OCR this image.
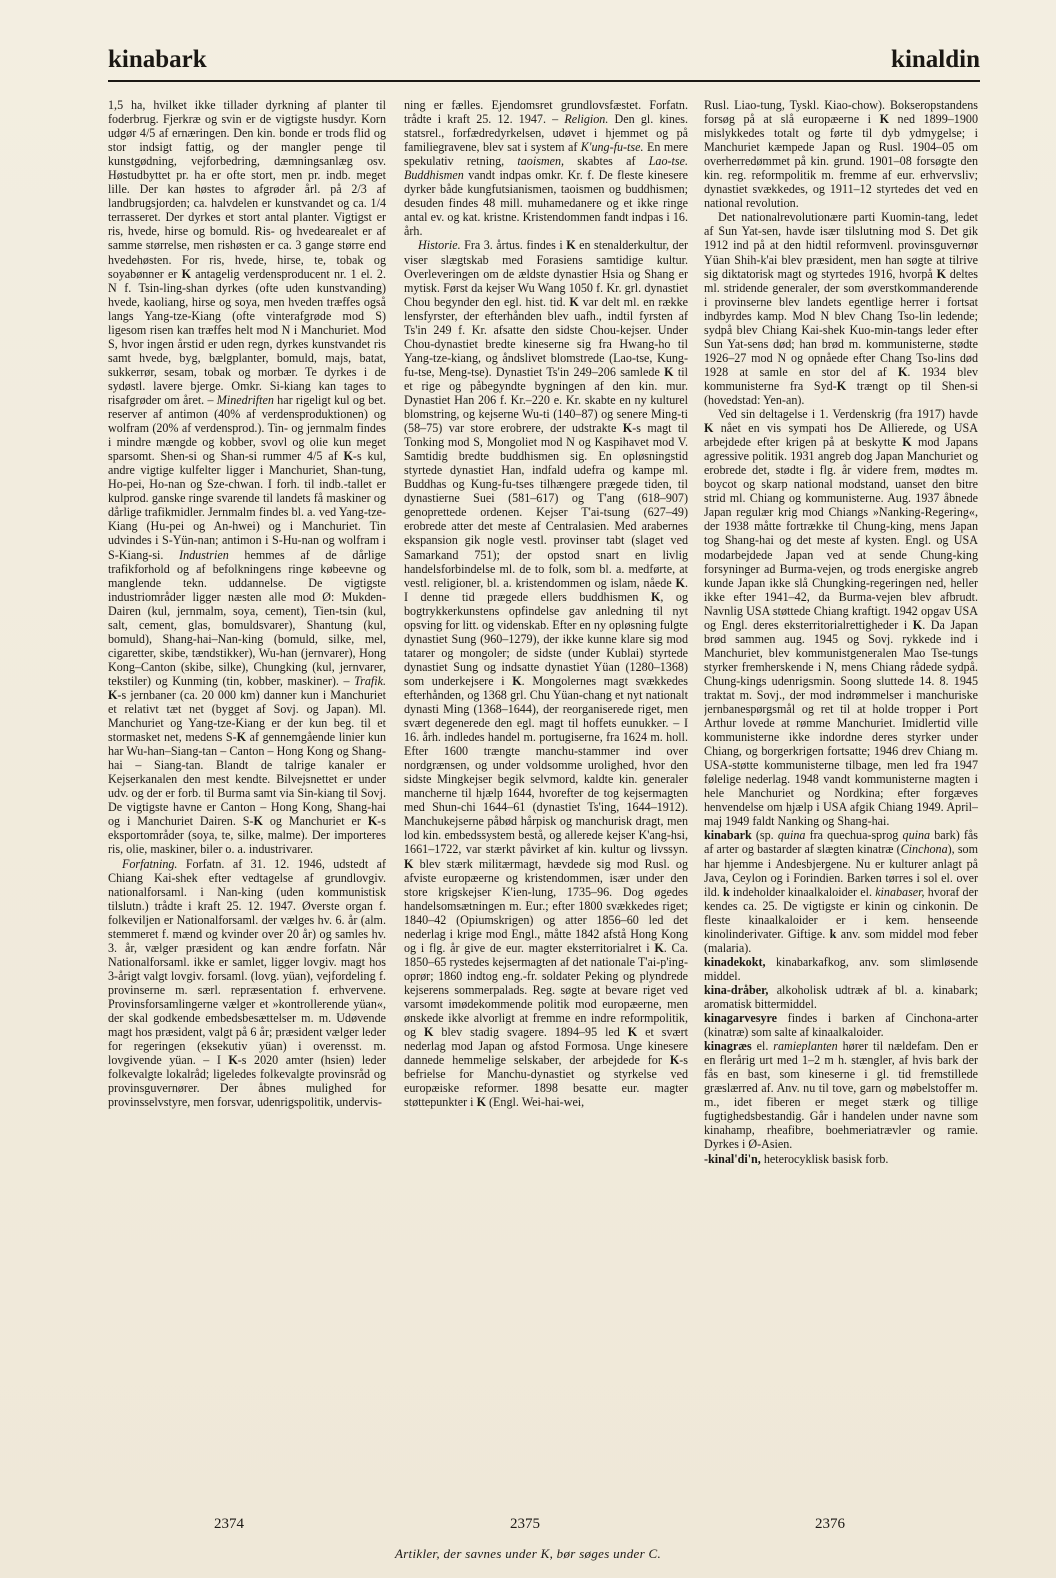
kinabark	kinaldin

1,5 ha, hvilket ikke tillader dyrkning af planter til foderbrug. Fjerkræ og svin er de vigtigste husdyr. Korn udgør 4/5 af ernæringen. Den kin. bonde er trods flid og stor indsigt fattig, og der mangler penge til kunstgødning, vejforbedring, dæmningsanlæg osv. Høstudbyttet pr. ha er ofte stort, men pr. indb. meget lille. Der kan høstes to afgrøder årl. på 2/3 af landbrugsjorden; ca. halvdelen er kunstvandet og ca. 1/4 terrasseret. Der dyrkes et stort antal planter. Vigtigst er ris, hvede, hirse og bomuld. Ris- og hvedearealet er af samme størrelse, men rishøsten er ca. 3 gange større end hvedehøsten. For ris, hvede, hirse, te, tobak og soyabønner er K antagelig verdensproducent nr. 1 el. 2. N f. Tsin-ling-shan dyrkes (ofte uden kunstvanding) hvede, kaoliang, hirse og soya, men hveden træffes også langs Yang-tze-Kiang (ofte vinterafgrøde mod S) ligesom risen kan træffes helt mod N i Manchuriet. Mod S, hvor ingen årstid er uden regn, dyrkes kunstvandet ris samt hvede, byg, bælgplanter, bomuld, majs, batat, sukkerrør, sesam, tobak og morbær. Te dyrkes i de sydøstl. lavere bjerge. Omkr. Si-kiang kan tages to risafgrøder om året. – Minedriften har rigeligt kul og bet. reserver af antimon (40% af verdensproduktionen) og wolfram (20% af verdensprod.). Tin- og jernmalm findes i mindre mængde og kobber, svovl og olie kun meget sparsomt. Shen-si og Shan-si rummer 4/5 af K-s kul, andre vigtige kulfelter ligger i Manchuriet, Shan-tung, Ho-pei, Ho-nan og Sze-chwan. I forh. til indb.-tallet er kulprod. ganske ringe svarende til landets få maskiner og dårlige trafikmidler. Jernmalm findes bl. a. ved Yang-tze-Kiang (Hu-pei og An-hwei) og i Manchuriet. Tin udvindes i S-Yün-nan; antimon i S-Hu-nan og wolfram i S-Kiang-si. Industrien hemmes af de dårlige trafikforhold og af befolkningens ringe købeevne og manglende tekn. uddannelse. De vigtigste industriområder ligger næsten alle mod Ø: Mukden-Dairen (kul, jernmalm, soya, cement), Tien-tsin (kul, salt, cement, glas, bomuldsvarer), Shantung (kul, bomuld), Shang-hai–Nan-king (bomuld, silke, mel, cigaretter, skibe, tændstikker), Wu-han (jernvarer), Hong Kong–Canton (skibe, silke), Chungking (kul, jernvarer, tekstiler) og Kunming (tin, kobber, maskiner). – Trafik. K-s jernbaner (ca. 20 000 km) danner kun i Manchuriet et relativt tæt net (bygget af Sovj. og Japan). Ml. Manchuriet og Yang-tze-Kiang er der kun beg. til et stormasket net, medens S-K af gennemgående linier kun har Wu-han–Siang-tan – Canton – Hong Kong og Shang-hai – Siang-tan. Blandt de talrige kanaler er Kejserkanalen den mest kendte. Bilvejsnettet er under udv. og der er forb. til Burma samt via Sin-kiang til Sovj. De vigtigste havne er Canton – Hong Kong, Shang-hai og i Manchuriet Dairen. S-K og Manchuriet er K-s eksportområder (soya, te, silke, malme). Der importeres ris, olie, maskiner, biler o. a. industrivarer.

Forfatning. Forfatn. af 31. 12. 1946, udstedt af Chiang Kai-shek efter vedtagelse af grundlovgiv. nationalforsaml. i Nan-king (uden kommunistisk tilslutn.) trådte i kraft 25. 12. 1947. Øverste organ f. folkeviljen er Nationalforsaml. der vælges hv. 6. år (alm. stemmeret f. mænd og kvinder over 20 år) og samles hv. 3. år, vælger præsident og kan ændre forfatn. Når Nationalforsaml. ikke er samlet, ligger lovgiv. magt hos 3-årigt valgt lovgiv. forsaml. (lovg. yüan), vejfordeling f. provinserne m. særl. repræsentation f. erhvervene. Provinsforsamlingerne vælger et »kontrollerende yüan«, der skal godkende embedsbesættelser m. m. Udøvende magt hos præsident, valgt på 6 år; præsident vælger leder for regeringen (eksekutiv yüan) i overensst. m. lovgivende yüan. – I K-s 2020 amter (hsien) leder folkevalgte lokalråd; ligeledes folkevalgte provinsråd og provinsguvernører. Der åbnes mulighed for provinsselvstyre, men forsvar, udenrigspolitik, undervis-

ning er fælles. Ejendomsret grundlovsfæstet. Forfatn. trådte i kraft 25. 12. 1947. – Religion. Den gl. kines. statsrel., forfædredyrkelsen, udøvet i hjemmet og på familiegravene, blev sat i system af K'ung-fu-tse. En mere spekulativ retning, taoismen, skabtes af Lao-tse. Buddhismen vandt indpas omkr. Kr. f. De fleste kinesere dyrker både kungfutsianismen, taoismen og buddhismen; desuden findes 48 mill. muhamedanere og et ikke ringe antal ev. og kat. kristne. Kristendommen fandt indpas i 16. årh.

Historie. Fra 3. årtus. findes i K en stenalderkultur, der viser slægtskab med Forasiens samtidige kultur. Overleveringen om de ældste dynastier Hsia og Shang er mytisk. Først da kejser Wu Wang 1050 f. Kr. grl. dynastiet Chou begynder den egl. hist. tid. K var delt ml. en række lensfyrster, der efterhånden blev uafh., indtil fyrsten af Ts'in 249 f. Kr. afsatte den sidste Chou-kejser. Under Chou-dynastiet bredte kineserne sig fra Hwang-ho til Yang-tze-kiang, og åndslivet blomstrede (Lao-tse, Kung-fu-tse, Meng-tse). Dynastiet Ts'in 249–206 samlede K til et rige og påbegyndte bygningen af den kin. mur. Dynastiet Han 206 f. Kr.–220 e. Kr. skabte en ny kulturel blomstring, og kejserne Wu-ti (140–87) og senere Ming-ti (58–75) var store erobrere, der udstrakte K-s magt til Tonking mod S, Mongoliet mod N og Kaspihavet mod V. Samtidig bredte buddhismen sig. En opløsningstid styrtede dynastiet Han, indfald udefra og kampe ml. Buddhas og Kung-fu-tses tilhængere prægede tiden, til dynastierne Suei (581–617) og T'ang (618–907) genoprettede ordenen. Kejser T'ai-tsung (627–49) erobrede atter det meste af Centralasien. Med arabernes ekspansion gik nogle vestl. provinser tabt (slaget ved Samarkand 751); der opstod snart en livlig handelsforbindelse ml. de to folk, som bl. a. medførte, at vestl. religioner, bl. a. kristendommen og islam, nåede K. I denne tid prægede ellers buddhismen K, og bogtrykkerkunstens opfindelse gav anledning til nyt opsving for litt. og videnskab. Efter en ny opløsning fulgte dynastiet Sung (960–1279), der ikke kunne klare sig mod tatarer og mongoler; de sidste (under Kublai) styrtede dynastiet Sung og indsatte dynastiet Yüan (1280–1368) som underkejsere i K. Mongolernes magt svækkedes efterhånden, og 1368 grl. Chu Yüan-chang et nyt nationalt dynasti Ming (1368–1644), der reorganiserede riget, men svært degenerede den egl. magt til hoffets eunukker. – I 16. årh. indledes handel m. portugiserne, fra 1624 m. holl. Efter 1600 trængte manchu-stammer ind over nordgrænsen, og under voldsomme urolighed, hvor den sidste Mingkejser begik selvmord, kaldte kin. generaler mancherne til hjælp 1644, hvorefter de tog kejsermagten med Shun-chi 1644–61 (dynastiet Ts'ing, 1644–1912). Manchukejserne påbød hårpisk og manchurisk dragt, men lod kin. embedssystem bestå, og allerede kejser K'ang-hsi, 1661–1722, var stærkt påvirket af kin. kultur og livssyn. K blev stærk militærmagt, hævdede sig mod Rusl. og afviste europæerne og kristendommen, især under den store krigskejser K'ien-lung, 1735–96. Dog øgedes handelsomsætningen m. Eur.; efter 1800 svækkedes riget; 1840–42 (Opiumskrigen) og atter 1856–60 led det nederlag i krige mod Engl., måtte 1842 afstå Hong Kong og i flg. år give de eur. magter eksterritorialret i K. Ca. 1850–65 rystedes kejsermagten af det nationale T'ai-p'ing-oprør; 1860 indtog eng.-fr. soldater Peking og plyndrede kejserens sommerpalads. Reg. søgte at bevare riget ved varsomt imødekommende politik mod europæerne, men ønskede ikke alvorligt at fremme en indre reformpolitik, og K blev stadig svagere. 1894–95 led K et svært nederlag mod Japan og afstod Formosa. Unge kinesere dannede hemmelige selskaber, der arbejdede for K-s befrielse for Manchu-dynastiet og styrkelse ved europæiske reformer. 1898 besatte eur. magter støttepunkter i K (Engl. Wei-hai-wei,

Rusl. Liao-tung, Tyskl. Kiao-chow). Bokseropstandens forsøg på at slå europæerne i K ned 1899–1900 mislykkedes totalt og førte til dyb ydmygelse; i Manchuriet kæmpede Japan og Rusl. 1904–05 om overherredømmet på kin. grund. 1901–08 forsøgte den kin. reg. reformpolitik m. fremme af eur. erhvervsliv; dynastiet svækkedes, og 1911–12 styrtedes det ved en national revolution.

Det nationalrevolutionære parti Kuomin-tang, ledet af Sun Yat-sen, havde især tilslutning mod S. Det gik 1912 ind på at den hidtil reformvenl. provinsguvernør Yüan Shih-k'ai blev præsident, men han søgte at tilrive sig diktatorisk magt og styrtedes 1916, hvorpå K deltes ml. stridende generaler, der som øverstkommanderende i provinserne blev landets egentlige herrer i fortsat indbyrdes kamp. Mod N blev Chang Tso-lin ledende; sydpå blev Chiang Kai-shek Kuo-min-tangs leder efter Sun Yat-sens død; han brød m. kommunisterne, stødte 1926–27 mod N og opnåede efter Chang Tso-lins død 1928 at samle en stor del af K. 1934 blev kommunisterne fra Syd-K trængt op til Shen-si (hovedstad: Yen-an).

Ved sin deltagelse i 1. Verdenskrig (fra 1917) havde K nået en vis sympati hos De Allierede, og USA arbejdede efter krigen på at beskytte K mod Japans agressive politik. 1931 angreb dog Japan Manchuriet og erobrede det, stødte i flg. år videre frem, mødtes m. boycot og skarp national modstand, uanset den bitre strid ml. Chiang og kommunisterne. Aug. 1937 åbnede Japan regulær krig mod Chiangs »Nanking-Regering«, der 1938 måtte fortrække til Chung-king, mens Japan tog Shang-hai og det meste af kysten. Engl. og USA modarbejdede Japan ved at sende Chung-king forsyninger ad Burma-vejen, og trods energiske angreb kunde Japan ikke slå Chungking-regeringen ned, heller ikke efter 1941–42, da Burma-vejen blev afbrudt. Navnlig USA støttede Chiang kraftigt. 1942 opgav USA og Engl. deres eksterritorialrettigheder i K. Da Japan brød sammen aug. 1945 og Sovj. rykkede ind i Manchuriet, blev kommunistgeneralen Mao Tse-tungs styrker fremherskende i N, mens Chiang rådede sydpå. Chung-kings udenrigsmin. Soong sluttede 14. 8. 1945 traktat m. Sovj., der mod indrømmelser i manchuriske jernbanespørgsmål og ret til at holde tropper i Port Arthur lovede at rømme Manchuriet. Imidlertid ville kommunisterne ikke indordne deres styrker under Chiang, og borgerkrigen fortsatte; 1946 drev Chiang m. USA-støtte kommunisterne tilbage, men led fra 1947 følelige nederlag. 1948 vandt kommunisterne magten i hele Manchuriet og Nordkina; efter forgæves henvendelse om hjælp i USA afgik Chiang 1949. April–maj 1949 faldt Nanking og Shang-hai.

kinabark (sp. quina fra quechua-sprog quina bark) fås af arter og bastarder af slægten kinatræ (Cinchona), som har hjemme i Andesbjergene. Nu er kulturer anlagt på Java, Ceylon og i Forindien. Barken tørres i sol el. over ild. k indeholder kinaalkaloider el. kinabaser, hvoraf der kendes ca. 25. De vigtigste er kinin og cinkonin. De fleste kinaalkaloider er i kem. henseende kinolinderivater. Giftige. k anv. som middel mod feber (malaria).

kinadekokt, kinabarkafkog, anv. som slimløsende middel.

kina-dråber, alkoholisk udtræk af bl. a. kinabark; aromatisk bittermiddel.

kinagarvesyre findes i barken af Cinchona-arter (kinatræ) som salte af kinaalkaloider.

kinagræs el. ramieplanten hører til nældefam. Den er en flerårig urt med 1–2 m h. stængler, af hvis bark der fås en bast, som kineserne i gl. tid fremstillede græslærred af. Anv. nu til tove, garn og møbelstoffer m. m., idet fiberen er meget stærk og tillige fugtighedsbestandig. Går i handelen under navne som kinahamp, rheafibre, boehmeriatrævler og ramie. Dyrkes i Ø-Asien.

-kinal'di'n, heterocyklisk basisk forb.

2374	2375	2376
Artikler, der savnes under K, bør søges under C.
